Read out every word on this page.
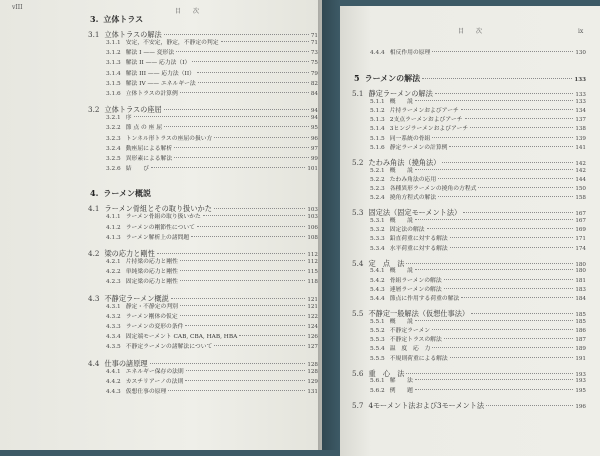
vIII
目　　次
3. 立体トラス
3.1 立体トラスの解法	71
3.1.1 安定，不安定，静定，不静定の判定	71
3.1.2 解法 I —— 変形法	73
3.1.3 解法 II —— 応力法（I）	75
3.1.4 解法 III —— 応力法（II）	79
3.1.5 解法 IV —— エネルギー法	82
3.1.6 立体トラスの計算例	84
3.2 立体トラスの座屈	94
3.2.1 序	94
3.2.2 節 点 の 座 屈	95
3.2.3 トンネル形トラスの座屈の扱い方	96
3.2.4 動座屈による解析	97
3.2.5 異形素による解法	99
3.2.6 結　　び	101
4. ラーメン概説
4.1 ラーメン骨組とその取り扱いかた	103
4.1.1 ラーメン骨組の取り扱いかた	103
4.1.2 ラーメンの剛節性について	106
4.1.3 ラーメン解析上の諸問題	108
4.2 梁の応力と剛性	112
4.2.1 片持梁の応力と剛性	112
4.2.2 単純梁の応力と剛性	115
4.2.3 固定梁の応力と剛性	118
4.3 不静定ラーメン概説	121
4.3.1 静定・不静定の判別	121
4.3.2 ラーメン剛体の仮定	122
4.3.3 ラーメンの変形の条件	124
4.3.4 固定端モーメント CAB, CBA, HAB, HBA	126
4.3.5 不静定ラーメンの諸解法について	127
4.4 仕事の諸原理	128
4.4.1 エネルギー保存の法則	128
4.4.2 カスチリアーノの法則	129
4.4.3 仮想仕事の原理	131
目　　次	ix
4.4.4 相反作用の原理	130
5 ラーメンの解法	133
5.1 静定ラーメンの解法	133
5.1.1 概　　説	133
5.1.2 片持ラーメンおよびアーチ	134
5.1.3 2支点ラーメンおよびアーチ	137
5.1.4 3ヒンジラーメンおよびアーチ	138
5.1.5 同一系統の骨組	139
5.1.6 静定ラーメンの計算例	141
5.2 たわみ角法（撓角法）	142
5.2.1 概　　説	142
5.2.2 たわみ角法の応用	144
5.2.3 各種異形ラーメンの撓角の方程式	150
5.2.4 撓角方程式の解法	158
5.3 固定法（固定モーメント法）	167
5.3.1 概　　説	167
5.3.2 固定法の解法	169
5.3.3 鉛直荷重に対する解法	171
5.3.4 水平荷重に対する解法	174
5.4 定　点　法	180
5.4.1 概　　説	180
5.4.2 骨組ラーメンの解法	181
5.4.3 連層ラーメンの解法	183
5.4.4 節点に作用する荷重の解法	184
5.5 不静定一般解法（仮想仕事法）	185
5.5.1 概　　説	185
5.5.2 不静定ラーメン	186
5.5.3 不静定トラスの解法	187
5.5.4 温　度　応　力	189
5.5.5 不規則荷重による解法	191
5.6 重　心　法	193
5.6.1 解　　法	193
5.6.2 例　　題	195
5.7 4モーメント法および3モーメント法	196
